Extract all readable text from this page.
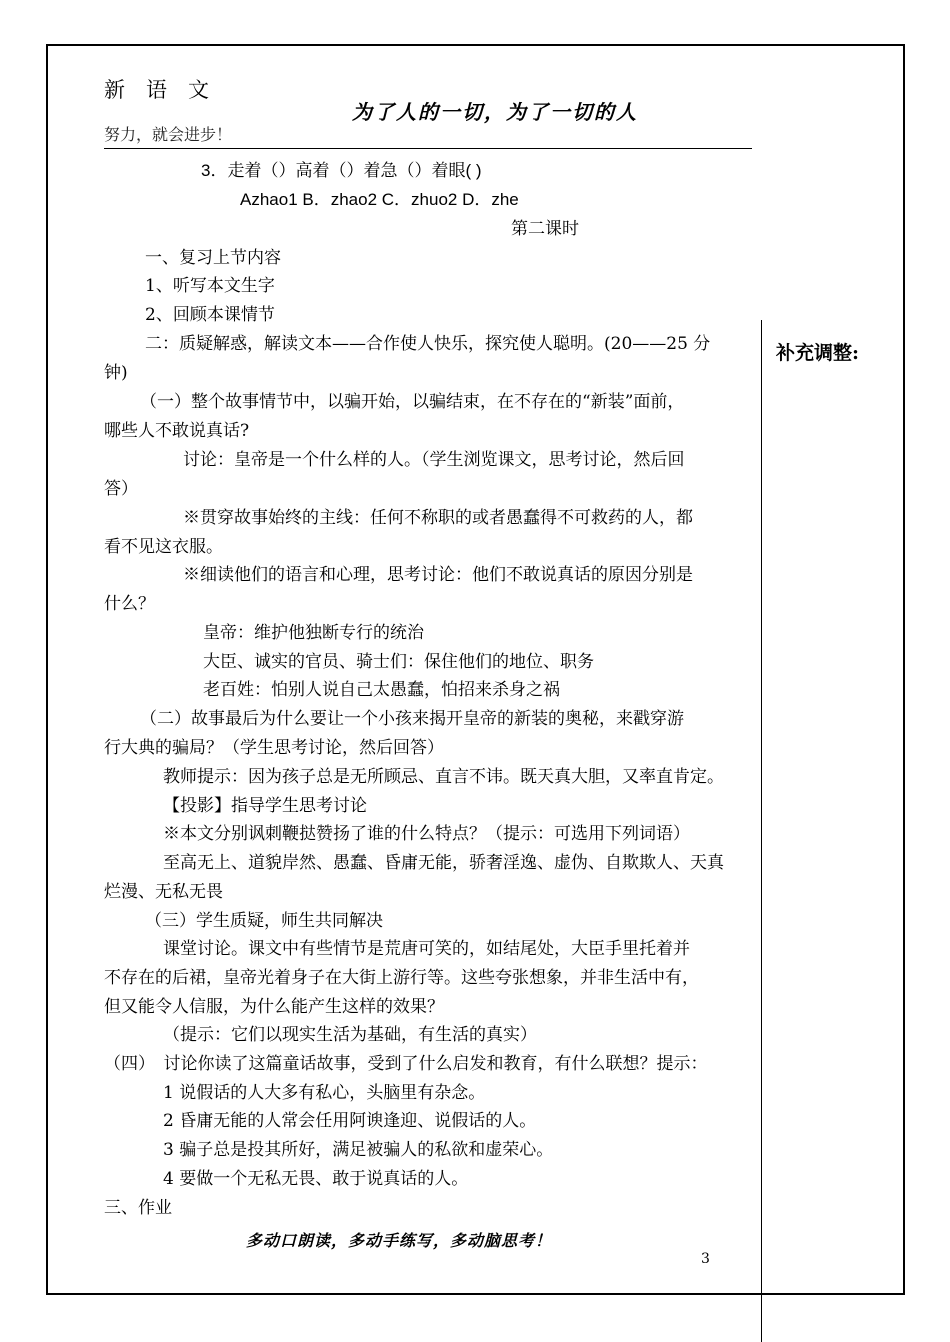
新　语　文
为了人的一切，为了一切的人
努力，就会进步！
补充调整:
3．走着（）高着（）着急（）着眼( )
Azhao1 B．zhao2 C．zhuo2 D．zhe
第二课时
一、复习上节内容
1、听写本文生字
2、回顾本课情节
二：质疑解惑，解读文本——合作使人快乐，探究使人聪明。(20——25 分
钟)
（一）整个故事情节中，以骗开始，以骗结束，在不存在的“新装”面前，
哪些人不敢说真话?
讨论：皇帝是一个什么样的人。（学生浏览课文，思考讨论，然后回
答）
※贯穿故事始终的主线：任何不称职的或者愚蠢得不可救药的人，都
看不见这衣服。
※细读他们的语言和心理，思考讨论：他们不敢说真话的原因分别是
什么？
皇帝：维护他独断专行的统治
大臣、诚实的官员、骑士们：保住他们的地位、职务
老百姓：怕别人说自己太愚蠢，怕招来杀身之祸
（二）故事最后为什么要让一个小孩来揭开皇帝的新装的奥秘，来戳穿游
行大典的骗局？（学生思考讨论，然后回答）
教师提示：因为孩子总是无所顾忌、直言不讳。既天真大胆，又率直肯定。
【投影】指导学生思考讨论
※本文分别讽刺鞭挞赞扬了谁的什么特点？（提示：可选用下列词语）
至高无上、道貌岸然、愚蠢、昏庸无能，骄奢淫逸、虚伪、自欺欺人、天真
烂漫、无私无畏
（三）学生质疑，师生共同解决
课堂讨论。课文中有些情节是荒唐可笑的，如结尾处，大臣手里托着并
不存在的后裙，皇帝光着身子在大街上游行等。这些夸张想象，并非生活中有，
但又能令人信服，为什么能产生这样的效果？
（提示：它们以现实生活为基础，有生活的真实）
（四）　讨论你读了这篇童话故事，受到了什么启发和教育，有什么联想？提示：
1 说假话的人大多有私心，头脑里有杂念。
2 昏庸无能的人常会任用阿谀逢迎、说假话的人。
3 骗子总是投其所好，满足被骗人的私欲和虚荣心。
4 要做一个无私无畏、敢于说真话的人。
三、作业
多动口朗读，多动手练写，多动脑思考！
3
